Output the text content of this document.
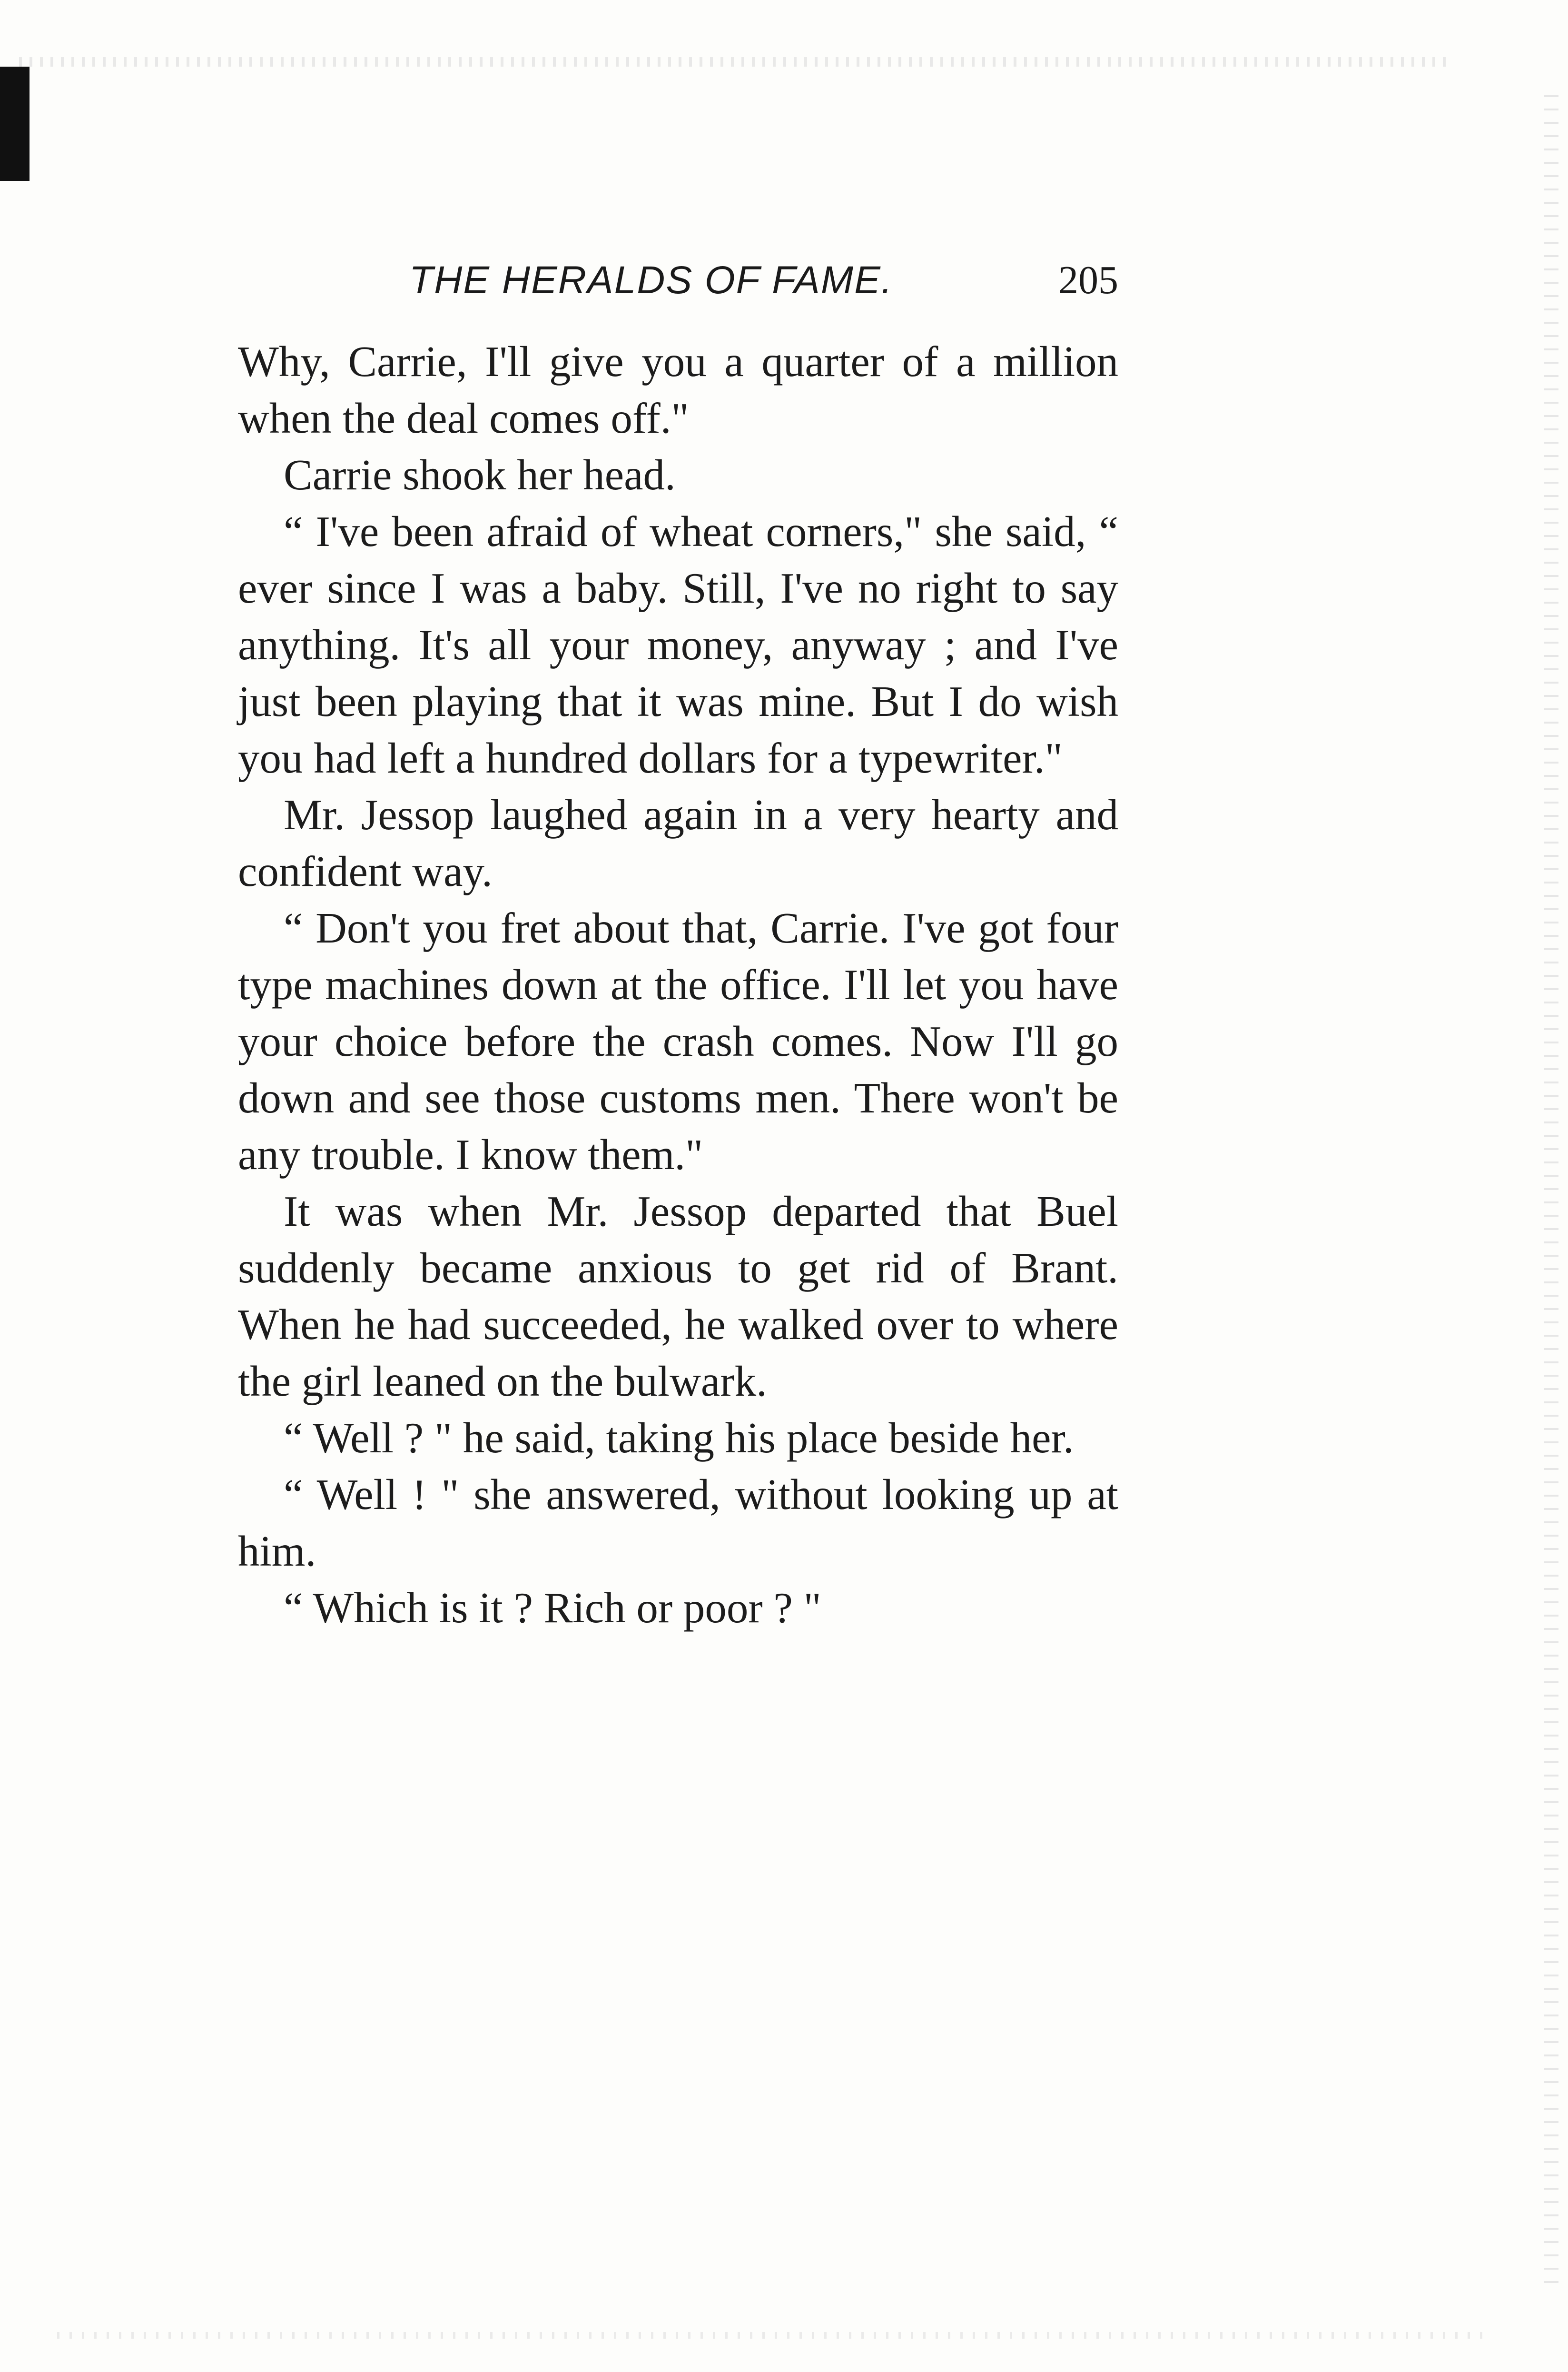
THE HERALDS OF FAME.	205

Why, Carrie, I'll give you a quarter of a million when the deal comes off."

Carrie shook her head.

“ I've been afraid of wheat corners," she said, “ ever since I was a baby. Still, I've no right to say anything. It's all your money, anyway ; and I've just been playing that it was mine. But I do wish you had left a hundred dollars for a typewriter."

Mr. Jessop laughed again in a very hearty and confident way.

“ Don't you fret about that, Carrie. I've got four type machines down at the office. I'll let you have your choice before the crash comes. Now I'll go down and see those customs men. There won't be any trouble. I know them."

It was when Mr. Jessop departed that Buel suddenly became anxious to get rid of Brant. When he had succeeded, he walked over to where the girl leaned on the bulwark.

“ Well ? " he said, taking his place beside her.

“ Well ! " she answered, without looking up at him.

“ Which is it ? Rich or poor ? "
